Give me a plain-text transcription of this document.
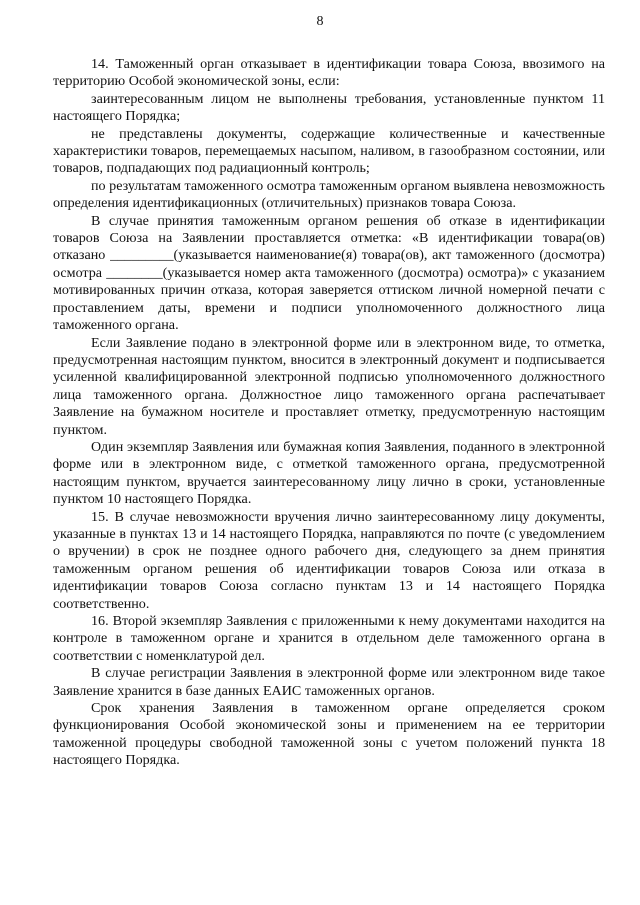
8

14. Таможенный орган отказывает в идентификации товара Союза, ввозимого на территорию Особой экономической зоны, если:

заинтересованным лицом не выполнены требования, установленные пунктом 11 настоящего Порядка;

не представлены документы, содержащие количественные и качественные характеристики товаров, перемещаемых насыпом, наливом, в газообразном состоянии, или товаров, подпадающих под радиационный контроль;

по результатам таможенного осмотра таможенным органом выявлена невозможность определения идентификационных (отличительных) признаков товара Союза.

В случае принятия таможенным органом решения об отказе в идентификации товаров Союза на Заявлении проставляется отметка: «В идентификации товара(ов) отказано _________(указывается наименование(я) товара(ов), акт таможенного (досмотра) осмотра ________(указывается номер акта таможенного (досмотра) осмотра)» с указанием мотивированных причин отказа, которая заверяется оттиском личной номерной печати с проставлением даты, времени и подписи уполномоченного должностного лица таможенного органа.

Если Заявление подано в электронной форме или в электронном виде, то отметка, предусмотренная настоящим пунктом, вносится в электронный документ и подписывается усиленной квалифицированной электронной подписью уполномоченного должностного лица таможенного органа. Должностное лицо таможенного органа распечатывает Заявление на бумажном носителе и проставляет отметку, предусмотренную настоящим пунктом.

Один экземпляр Заявления или бумажная копия Заявления, поданного в электронной форме или в электронном виде, с отметкой таможенного органа, предусмотренной настоящим пунктом, вручается заинтересованному лицу лично в сроки, установленные пунктом 10 настоящего Порядка.

15. В случае невозможности вручения лично заинтересованному лицу документы, указанные в пунктах 13 и 14 настоящего Порядка, направляются по почте (с уведомлением о вручении) в срок не позднее одного рабочего дня, следующего за днем принятия таможенным органом решения об идентификации товаров Союза или отказа в идентификации товаров Союза согласно пунктам 13 и 14 настоящего Порядка соответственно.

16. Второй экземпляр Заявления с приложенными к нему документами находится на контроле в таможенном органе и хранится в отдельном деле таможенного органа в соответствии с номенклатурой дел.

В случае регистрации Заявления в электронной форме или электронном виде такое Заявление хранится в базе данных ЕАИС таможенных органов.

Срок хранения Заявления в таможенном органе определяется сроком функционирования Особой экономической зоны и применением на ее территории таможенной процедуры свободной таможенной зоны с учетом положений пункта 18 настоящего Порядка.
